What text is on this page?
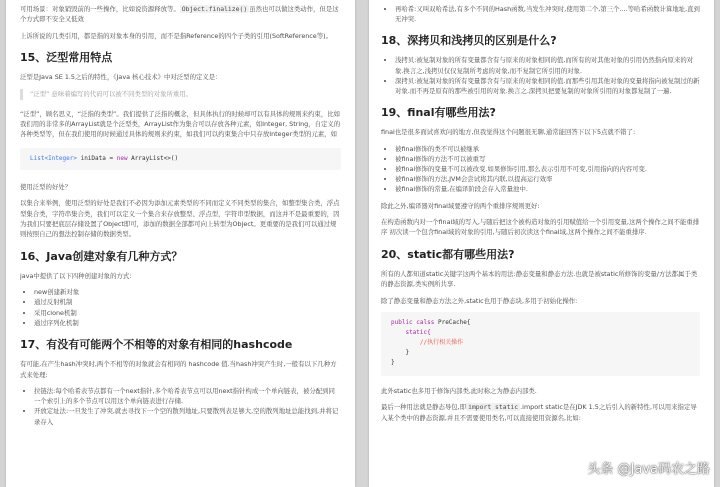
可用场景：对象销毁前的一些操作，比如说资源释放等。 Object.finalize() 虽然也可以做这类动作，但是这个方式即不安全又低效

上诉所说的几类引用，都是指的对象本身的引用，而不是指Reference的四个子类的引用(SoftReference等)。

15、泛型常用特点

泛型是Java SE 1.5之后的特性，《Java 核心技术》中对泛型的定义是：

“泛型” 意味着编写的代码可以被不同类型的对象所重用。

“泛型”，顾名思义，“泛指的类型”。我们提供了泛指的概念，但具体执行的时候却可以有具体的规则来约束，比如我们用的非常多的ArrayList就是个泛型类，ArrayList作为集合可以存放各种元素，如Integer, String，自定义的各种类型等，但在我们使用的时候通过具体的规则来约束，如我们可以约束集合中只存放Integer类型的元素，如

List<Integer> iniData = new ArrayList<>()

使用泛型的好处？

以集合来举例，使用泛型的好处是我们不必因为添加元素类型的不同而定义不同类型的集合，如整型集合类，浮点型集合类，字符串集合类，我们可以定义一个集合来存放整型、浮点型，字符串型数据，而这并不是最重要的，因为我们只要把底层存储设置了Object即可，添加的数据全部都可向上转型为Object。更重要的是我们可以通过规则按照自己的想法控制存储的数据类型。

16、Java创建对象有几种方式？

java中提供了以下四种创建对象的方式:

• new创建新对象
• 通过反射机制
• 采用clone机制
• 通过序列化机制
17、有没有可能两个不相等的对象有相同的hashcode

有可能,在产生hash冲突时,两个不相等的对象就会有相同的 hashcode 值.当hash冲突产生时,一般有以下几种方式来处理:

• 拉链法:每个哈希表节点都有一个next指针,多个哈希表节点可以用next指针构成一个单向链表，被分配到同一个索引上的多个节点可以用这个单向链表进行存储.
• 开放定址法:一旦发生了冲突,就去寻找下一个空的散列地址,只要散列表足够大,空的散列地址总能找到,并将记录存入
• 再哈希:又叫双哈希法,有多个不同的Hash函数,当发生冲突时,使用第二个,第三个....等哈希函数计算地址,直到无冲突.
18、深拷贝和浅拷贝的区别是什么?
• 浅拷贝:被复制对象的所有变量都含有与原来的对象相同的值,而所有的对其他对象的引用仍然指向原来的对象.换言之,浅拷贝仅仅复制所考虑的对象,而不复制它所引用的对象.
• 深拷贝:被复制对象的所有变量都含有与原来的对象相同的值.而那些引用其他对象的变量将指向被复制过的新对象.而不再是原有的那些被引用的对象.换言之.深拷贝把要复制的对象所引用的对象都复制了一遍.
19、final有哪些用法?

final也是很多面试喜欢问的地方,但我觉得这个问题很无聊,通常能回答下以下5点就不错了:

• 被final修饰的类不可以被继承
• 被final修饰的方法不可以被重写
• 被final修饰的变量不可以被改变.如果修饰引用,那么表示引用不可变,引用指向的内容可变.
• 被final修饰的方法,JVM会尝试将其内联,以提高运行效率
• 被final修饰的常量,在编译阶段会存入常量池中.

除此之外,编译器对final域要遵守的两个重排序规则更好:

在构造函数内对一个final域的写入,与随后把这个被构造对象的引用赋值给一个引用变量,这两个操作之间不能重排序 初次读一个包含final域的对象的引用,与随后初次读这个final域,这两个操作之间不能重排序.

20、static都有哪些用法?

所有的人都知道static关键字这两个基本的用法:静态变量和静态方法.也就是被static所修饰的变量/方法都属于类的静态资源,类实例所共享.

除了静态变量和静态方法之外,static也用于静态块,多用于初始化操作:

public calss PreCache{
static{
//执行相关操作
}
}

此外static也多用于修饰内部类,此时称之为静态内部类.

最后一种用法就是静态导包,即 import static .import static是在JDK 1.5之后引入的新特性,可以用来指定导入某个类中的静态资源,并且不需要使用类名,可以直接使用资源名,比如:

头条 @Java码农之路
